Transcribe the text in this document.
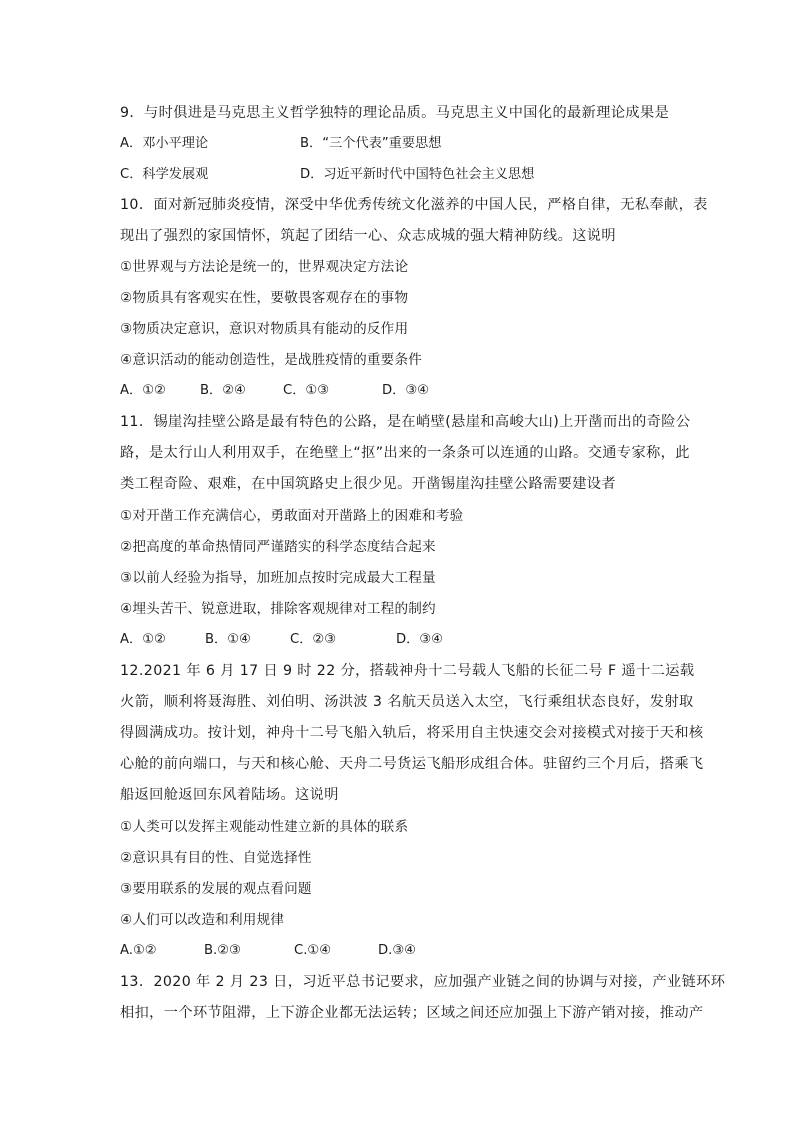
9．与时俱进是马克思主义哲学独特的理论品质。马克思主义中国化的最新理论成果是
A．邓小平理论	B．“三个代表”重要思想
C．科学发展观	D．习近平新时代中国特色社会主义思想
10．面对新冠肺炎疫情，深受中华优秀传统文化滋养的中国人民，严格自律，无私奉献，表
现出了强烈的家国情怀，筑起了团结一心、众志成城的强大精神防线。这说明
①世界观与方法论是统一的，世界观决定方法论
②物质具有客观实在性，要敬畏客观存在的事物
③物质决定意识，意识对物质具有能动的反作用
④意识活动的能动创造性，是战胜疫情的重要条件
A．①②	B．②④	C．①③	D．③④
11．锡崖沟挂壁公路是最有特色的公路，是在峭壁(悬崖和高峻大山)上开凿而出的奇险公
路，是太行山人利用双手，在绝壁上“抠”出来的一条条可以连通的山路。交通专家称，此
类工程奇险、艰难，在中国筑路史上很少见。开凿锡崖沟挂壁公路需要建设者
①对开凿工作充满信心，勇敢面对开凿路上的困难和考验
②把高度的革命热情同严谨踏实的科学态度结合起来
③以前人经验为指导，加班加点按时完成最大工程量
④埋头苦干、锐意进取，排除客观规律对工程的制约
A．①②	B．①④	C．②③	D．③④
12.2021 年 6 月 17 日 9 时 22 分，搭载神舟十二号载人飞船的长征二号 F 遥十二运载
火箭，顺利将聂海胜、刘伯明、汤洪波 3 名航天员送入太空，飞行乘组状态良好，发射取
得圆满成功。按计划，神舟十二号飞船入轨后，将采用自主快速交会对接模式对接于天和核
心舱的前向端口，与天和核心舱、天舟二号货运飞船形成组合体。驻留约三个月后，搭乘飞
船返回舱返回东风着陆场。这说明
①人类可以发挥主观能动性建立新的具体的联系
②意识具有目的性、自觉选择性
③要用联系的发展的观点看问题
④人们可以改造和利用规律
A.①②	B.②③	C.①④	D.③④
13．2020 年 2 月 23 日，习近平总书记要求，应加强产业链之间的协调与对接，产业链环环
相扣，一个环节阻滞，上下游企业都无法运转；区域之间还应加强上下游产销对接，推动产
